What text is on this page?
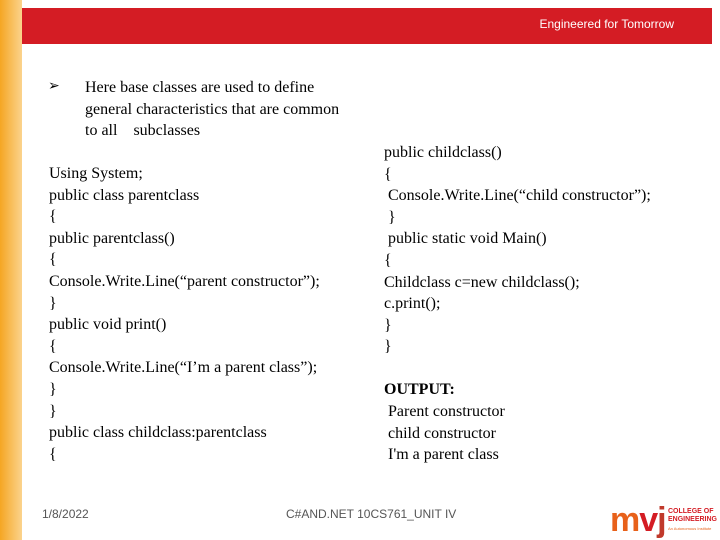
Engineered for Tomorrow
➢ Here base classes are used to define
general characteristics that are common
to all    subclasses
Using System;
public class parentclass
{
public parentclass()
{
Console.Write.Line(“parent constructor”);
}
public void print()
{
Console.Write.Line(“I’m a parent class”);
}
}
public class childclass:parentclass
{
public childclass()
{
Console.Write.Line(“child constructor”);
}
public static void Main()
{
Childclass c=new childclass();
c.print();
}
}
OUTPUT:
Parent constructor
child constructor
I'm a parent class
1/8/2022	C#AND.NET 10CS761_UNIT IV	mvj COLLEGE OF ENGINEERING
An Autonomous Institute
